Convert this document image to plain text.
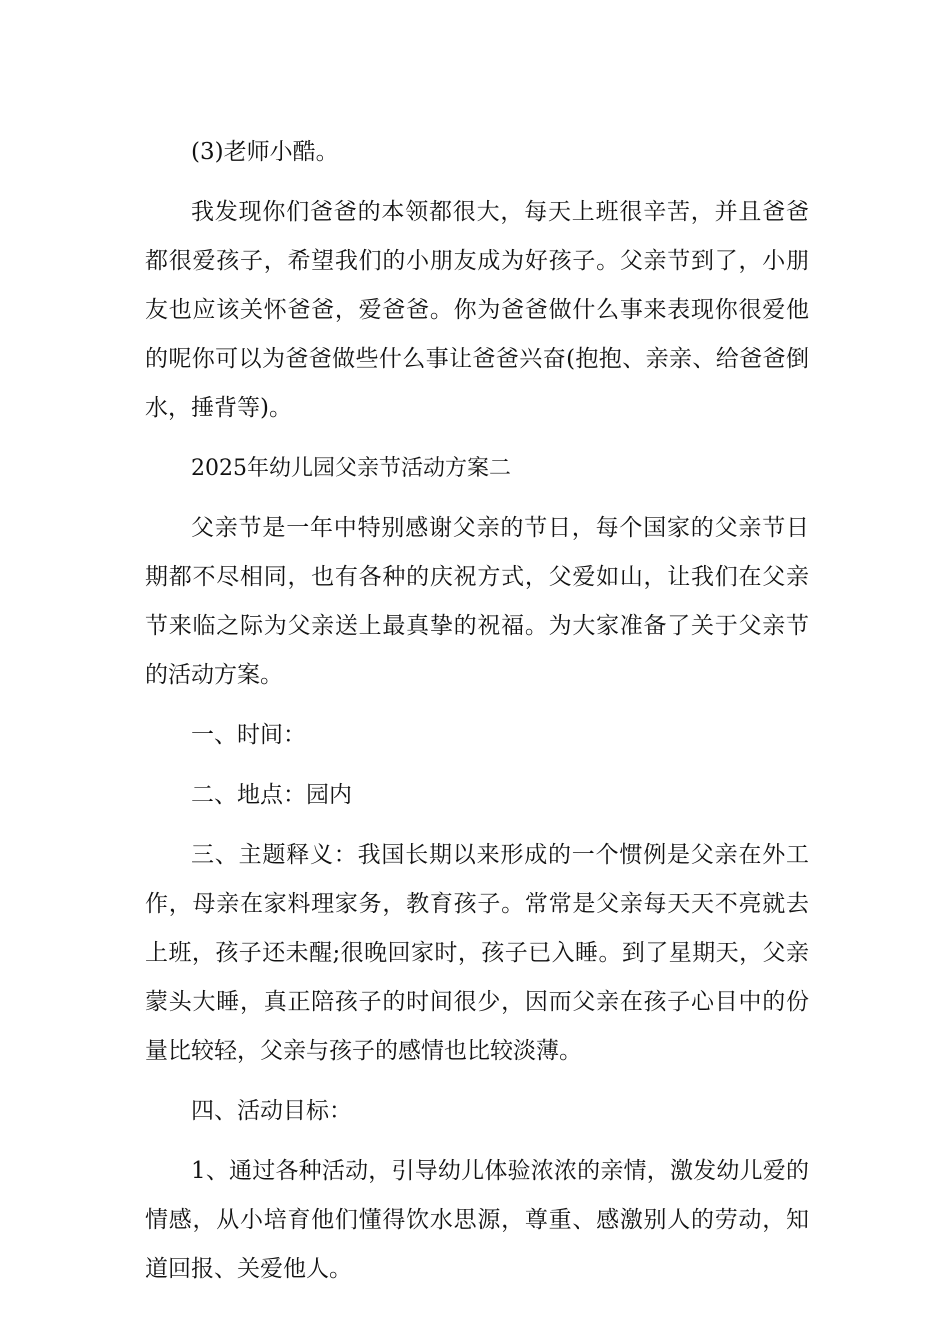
(3)老师小酷。

我发现你们爸爸的本领都很大，每天上班很辛苦，并且爸爸都很爱孩子，希望我们的小朋友成为好孩子。父亲节到了，小朋友也应该关怀爸爸，爱爸爸。你为爸爸做什么事来表现你很爱他的呢你可以为爸爸做些什么事让爸爸兴奋(抱抱、亲亲、给爸爸倒水，捶背等)。

2025年幼儿园父亲节活动方案二

父亲节是一年中特别感谢父亲的节日，每个国家的父亲节日期都不尽相同，也有各种的庆祝方式，父爱如山，让我们在父亲节来临之际为父亲送上最真挚的祝福。为大家准备了关于父亲节的活动方案。

一、时间：

二、地点：园内

三、主题释义：我国长期以来形成的一个惯例是父亲在外工作，母亲在家料理家务，教育孩子。常常是父亲每天天不亮就去上班，孩子还未醒;很晚回家时，孩子已入睡。到了星期天，父亲蒙头大睡，真正陪孩子的时间很少，因而父亲在孩子心目中的份量比较轻，父亲与孩子的感情也比较淡薄。

四、活动目标：

1、通过各种活动，引导幼儿体验浓浓的亲情，激发幼儿爱的情感，从小培育他们懂得饮水思源，尊重、感激别人的劳动，知道回报、关爱他人。
